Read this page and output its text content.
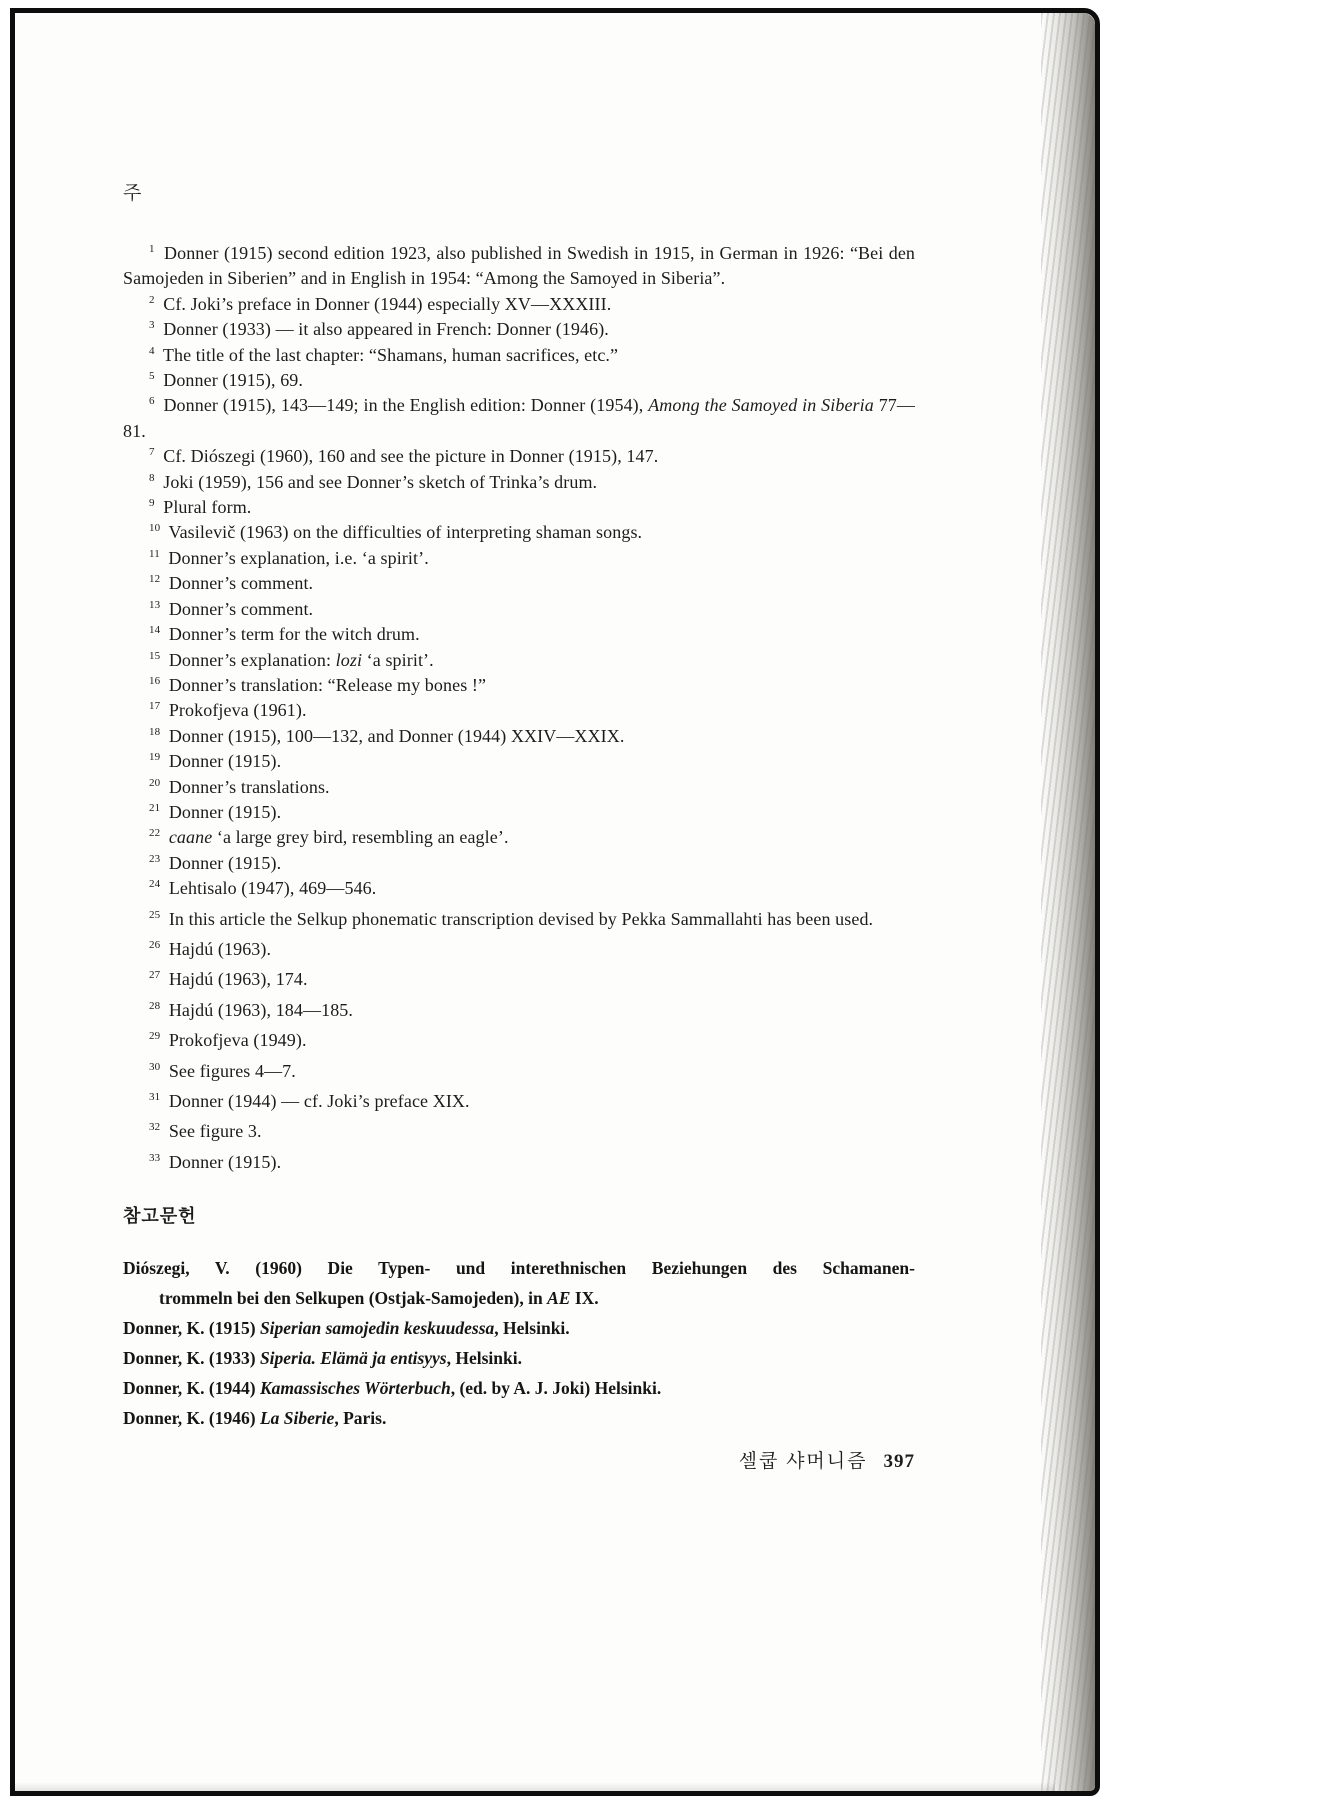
주

$^1$ Donner (1915) second edition 1923, also published in Swedish in 1915, in German in 1926: “Bei den Samojeden in Siberien” and in English in 1954: “Among the Samoyed in Siberia”.

$^2$ Cf. Joki’s preface in Donner (1944) especially XV—XXXIII.

$^3$ Donner (1933) — it also appeared in French: Donner (1946).

$^4$ The title of the last chapter: “Shamans, human sacrifices, etc.”

$^5$ Donner (1915), 69.

$^6$ Donner (1915), 143—149; in the English edition: Donner (1954), Among the Samoyed in Siberia 77—81.

$^7$ Cf. Diószegi (1960), 160 and see the picture in Donner (1915), 147.

$^8$ Joki (1959), 156 and see Donner’s sketch of Trinka’s drum.

$^9$ Plural form.

$^{10}$ Vasilevič (1963) on the difficulties of interpreting shaman songs.

$^{11}$ Donner’s explanation, i.e. ‘a spirit’.

$^{12}$ Donner’s comment.

$^{13}$ Donner’s comment.

$^{14}$ Donner’s term for the witch drum.

$^{15}$ Donner’s explanation: lozi ‘a spirit’.

$^{16}$ Donner’s translation: “Release my bones !”

$^{17}$ Prokofjeva (1961).

$^{18}$ Donner (1915), 100—132, and Donner (1944) XXIV—XXIX.

$^{19}$ Donner (1915).

$^{20}$ Donner’s translations.

$^{21}$ Donner (1915).

$^{22}$ caane ‘a large grey bird, resembling an eagle’.

$^{23}$ Donner (1915).

$^{24}$ Lehtisalo (1947), 469—546.

$^{25}$ In this article the Selkup phonematic transcription devised by Pekka Sammallahti has been used.

$^{26}$ Hajdú (1963).

$^{27}$ Hajdú (1963), 174.

$^{28}$ Hajdú (1963), 184—185.

$^{29}$ Prokofjeva (1949).

$^{30}$ See figures 4—7.

$^{31}$ Donner (1944) — cf. Joki’s preface XIX.

$^{32}$ See figure 3.

$^{33}$ Donner (1915).

참고문헌
Diószegi, V. (1960) Die Typen- und interethnischen Beziehungen des Schamanen-
trommeln bei den Selkupen (Ostjak-Samojeden), in AE IX.
Donner, K. (1915) Siperian samojedin keskuudessa, Helsinki.
Donner, K. (1933) Siperia. Elämä ja entisyys, Helsinki.
Donner, K. (1944) Kamassisches Wörterbuch, (ed. by A. J. Joki) Helsinki.
Donner, K. (1946) La Siberie, Paris.
셀쿱 샤머니즘 397
